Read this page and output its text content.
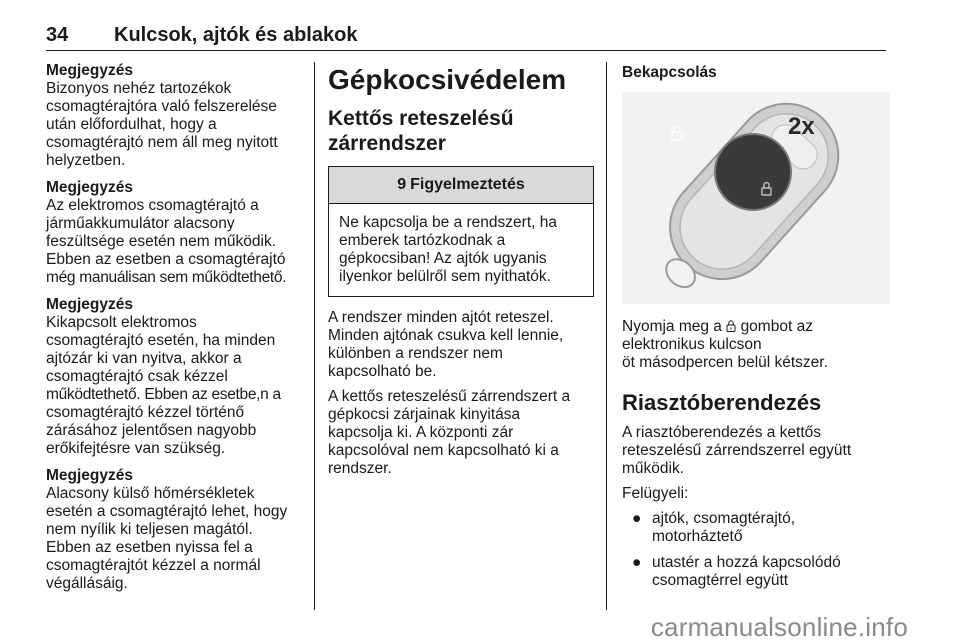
34 Kulcsok, ajtók és ablakok
Megjegyzés
Bizonyos nehéz tartozékok
csomagtérajtóra való felszerelése
után előfordulhat, hogy a
csomagtérajtó nem áll meg nyitott
helyzetben.
Megjegyzés
Az elektromos csomagtérajtó a
járműakkumulátor alacsony
feszültsége esetén nem működik.
Ebben az esetben a csomagtérajtó
még manuálisan sem működtethető.
Megjegyzés
Kikapcsolt elektromos
csomagtérajtó esetén, ha minden
ajtózár ki van nyitva, akkor a
csomagtérajtó csak kézzel
működtethető. Ebben az esetbe,n a
csomagtérajtó kézzel történő
zárásához jelentősen nagyobb
erőkifejtésre van szükség.
Megjegyzés
Alacsony külső hőmérsékletek
esetén a csomagtérajtó lehet, hogy
nem nyílik ki teljesen magától.
Ebben az esetben nyissa fel a
csomagtérajtót kézzel a normál
végállásáig.
Gépkocsivédelem
Kettős reteszelésű
zárrendszer
9 Figyelmeztetés
Ne kapcsolja be a rendszert, ha
emberek tartózkodnak a
gépkocsiban! Az ajtók ugyanis
ilyenkor belülről sem nyithatók.

A rendszer minden ajtót reteszel.
Minden ajtónak csukva kell lennie,
különben a rendszer nem
kapcsolható be.

A kettős reteszelésű zárrendszert a
gépkocsi zárjainak kinyitása
kapcsolja ki. A központi zár
kapcsolóval nem kapcsolható ki a
rendszer.

Bekapcsolás
2x

Nyomja meg a gombot az
elektronikus kulcson
öt másodpercen belül kétszer.

Riasztóberendezés

A riasztóberendezés a kettős
reteszelésű zárrendszerrel együtt
működik.

Felügyeli:

● ajtók, csomagtérajtó,
motorháztető
● utastér a hozzá kapcsolódó
csomagtérrel együtt
carmanualsonline.info
